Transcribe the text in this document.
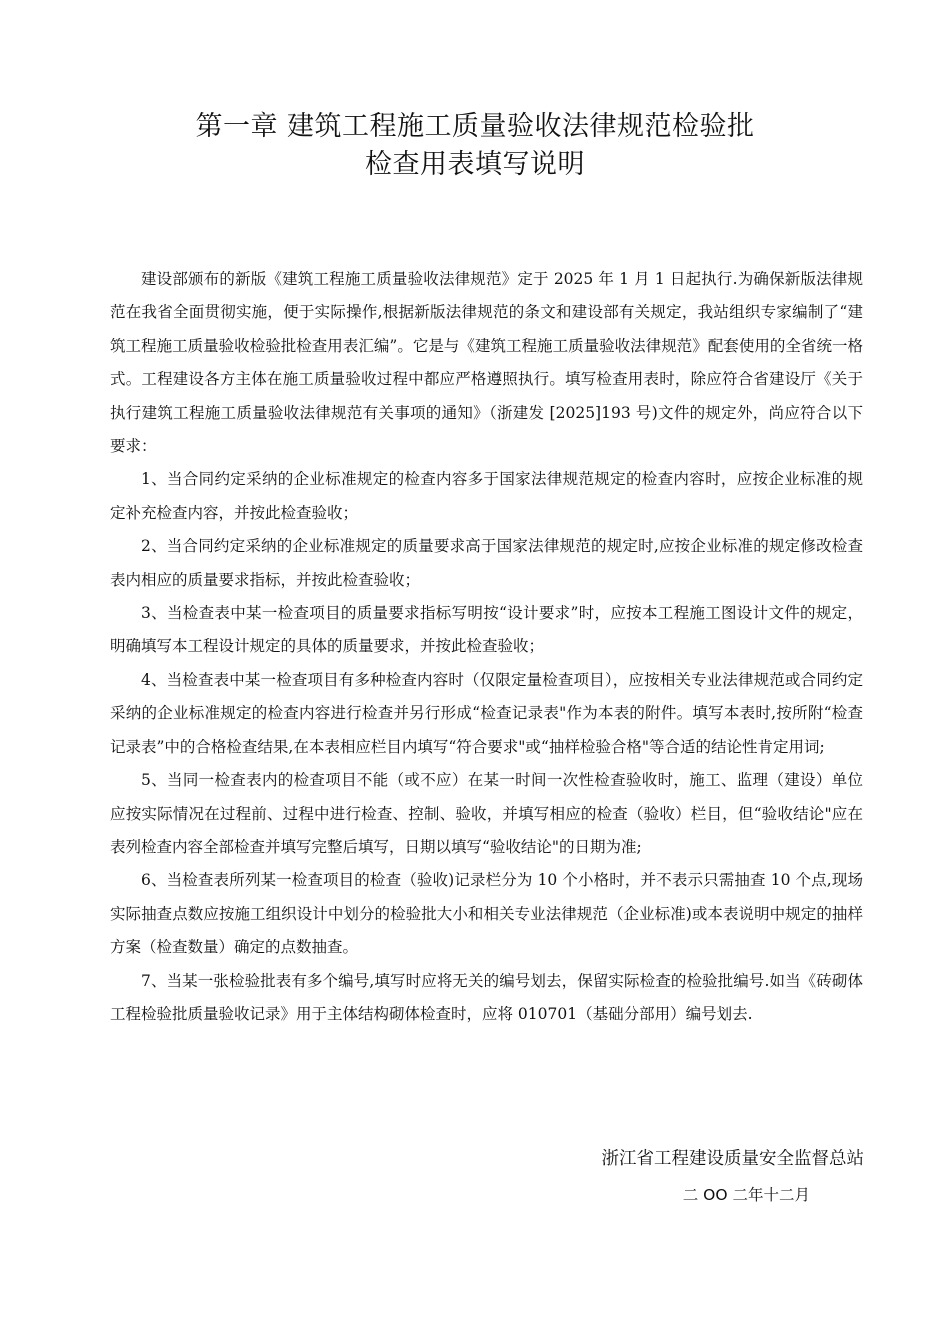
第一章 建筑工程施工质量验收法律规范检验批
检查用表填写说明

建设部颁布的新版《建筑工程施工质量验收法律规范》定于 2025 年 1 月 1 日起执行.为确保新版法律规范在我省全面贯彻实施，便于实际操作,根据新版法律规范的条文和建设部有关规定，我站组织专家编制了“建筑工程施工质量验收检验批检查用表汇编”。它是与《建筑工程施工质量验收法律规范》配套使用的全省统一格式。工程建设各方主体在施工质量验收过程中都应严格遵照执行。填写检查用表时，除应符合省建设厅《关于执行建筑工程施工质量验收法律规范有关事项的通知》（浙建发 [2025]193 号)文件的规定外，尚应符合以下要求：

1、当合同约定采纳的企业标准规定的检查内容多于国家法律规范规定的检查内容时，应按企业标准的规定补充检查内容，并按此检查验收；

2、当合同约定采纳的企业标准规定的质量要求高于国家法律规范的规定时,应按企业标准的规定修改检查表内相应的质量要求指标，并按此检查验收；

3、当检查表中某一检查项目的质量要求指标写明按“设计要求”时，应按本工程施工图设计文件的规定，明确填写本工程设计规定的具体的质量要求，并按此检查验收；

4、当检查表中某一检查项目有多种检查内容时（仅限定量检查项目），应按相关专业法律规范或合同约定采纳的企业标准规定的检查内容进行检查并另行形成“检查记录表"作为本表的附件。填写本表时,按所附“检查记录表”中的合格检查结果,在本表相应栏目内填写“符合要求"或“抽样检验合格"等合适的结论性肯定用词;

5、当同一检查表内的检查项目不能（或不应）在某一时间一次性检查验收时，施工、监理（建设）单位应按实际情况在过程前、过程中进行检查、控制、验收，并填写相应的检查（验收）栏目，但“验收结论"应在表列检查内容全部检查并填写完整后填写，日期以填写“验收结论"的日期为准;

6、当检查表所列某一检查项目的检查（验收)记录栏分为 10 个小格时，并不表示只需抽查 10 个点,现场实际抽查点数应按施工组织设计中划分的检验批大小和相关专业法律规范（企业标准)或本表说明中规定的抽样方案（检查数量）确定的点数抽查。

7、当某一张检验批表有多个编号,填写时应将无关的编号划去，保留实际检查的检验批编号.如当《砖砌体工程检验批质量验收记录》用于主体结构砌体检查时，应将 010701（基础分部用）编号划去.

浙江省工程建设质量安全监督总站
二 OO 二年十二月
